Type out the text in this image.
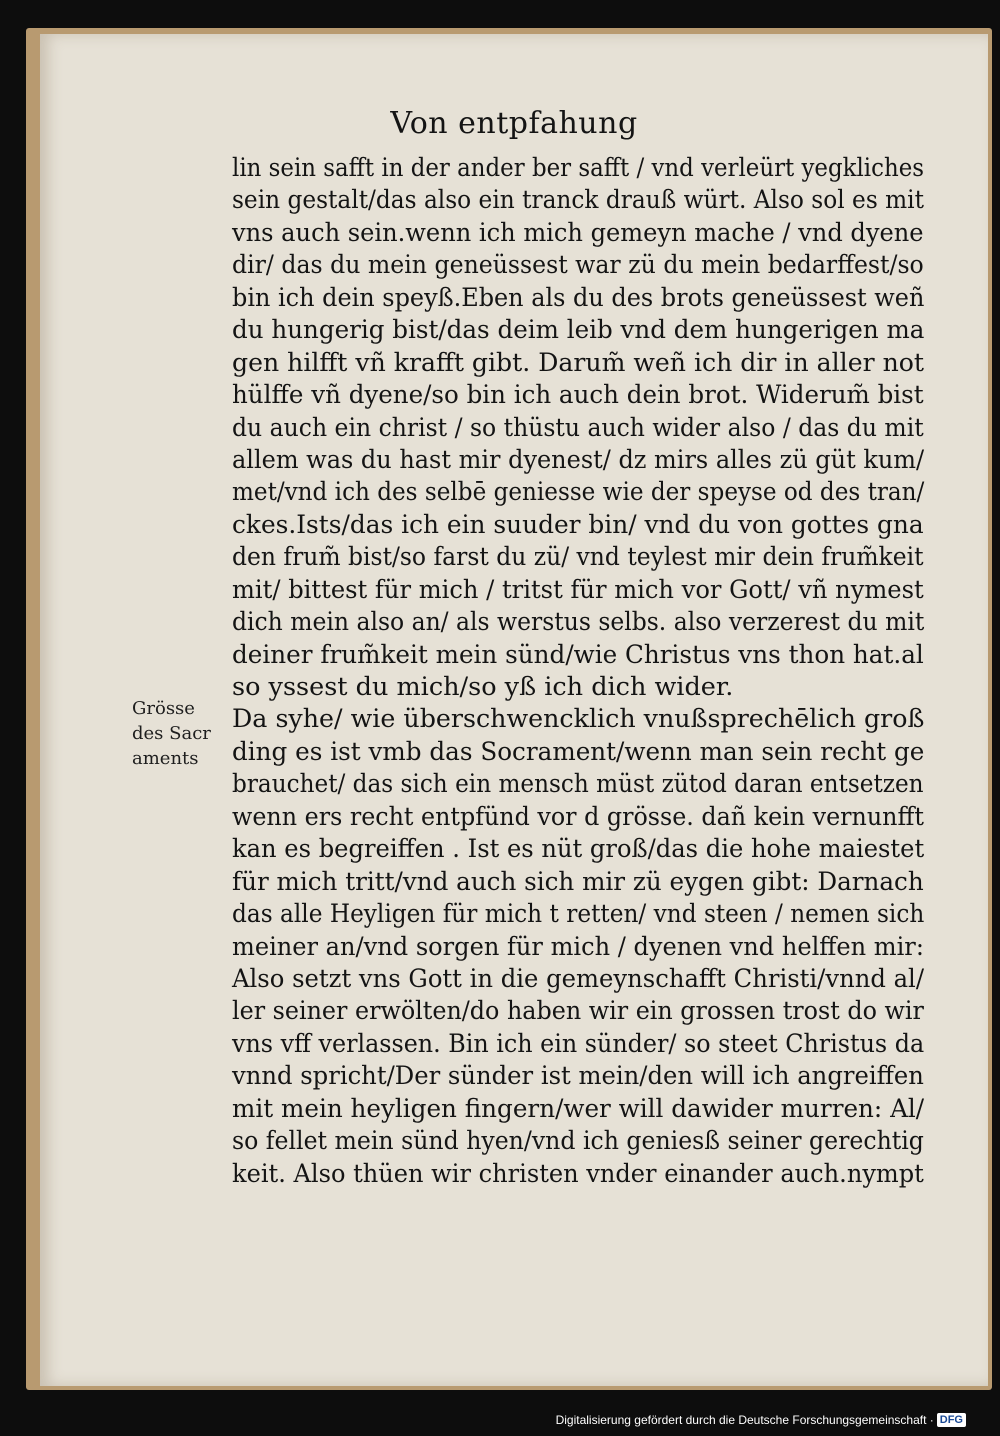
Von entpfahung
Grösse
des Sacr
aments
lin sein safft in der ander ber safft / vnd verleürt yegkliches
sein gestalt/das also ein tranck drauß würt. Also sol es mit
vns auch sein.wenn ich mich gemeyn mache / vnd dyene
dir/ das du mein geneüssest war zü du mein bedarffest/so
bin ich dein speyß.Eben als du des brots geneüssest weñ
du hungerig bist/das deim leib vnd dem hungerigen ma
gen hilfft vñ krafft gibt. Darum̃ weñ ich dir in aller not
hülffe vñ dyene/so bin ich auch dein brot. Widerum̃ bist
du auch ein christ / so thüstu auch wider also / das du mit
allem was du hast mir dyenest/ dz mirs alles zü güt kum/
met/vnd ich des selbē geniesse wie der speyse od des tran/
ckes.Ists/das ich ein suuder bin/ vnd du von gottes gna
den frum̃ bist/so farst du zü/ vnd teylest mir dein frum̃keit
mit/ bittest für mich / tritst für mich vor Gott/ vñ nymest
dich mein also an/ als werstus selbs. also verzerest du mit
deiner frum̃keit mein sünd/wie Christus vns thon hat.al
so yssest du mich/so yß ich dich wider.
Da syhe/ wie überschwencklich vnußsprechēlich groß
ding es ist vmb das Socrament/wenn man sein recht ge
brauchet/ das sich ein mensch müst zütod daran entsetzen
wenn ers recht entpfünd vor d grösse. dañ kein vernunfft
kan es begreiffen . Ist es nüt groß/das die hohe maiestet
für mich tritt/vnd auch sich mir zü eygen gibt: Darnach
das alle Heyligen für mich t retten/ vnd steen / nemen sich
meiner an/vnd sorgen für mich / dyenen vnd helffen mir:
Also setzt vns Gott in die gemeynschafft Christi/vnnd al/
ler seiner erwölten/do haben wir ein grossen trost do wir
vns vff verlassen. Bin ich ein sünder/ so steet Christus da
vnnd spricht/Der sünder ist mein/den will ich angreiffen
mit mein heyligen fingern/wer will dawider murren: Al/
so fellet mein sünd hyen/vnd ich geniesß seiner gerechtig
keit. Also thüen wir christen vnder einander auch.nympt
Digitalisierung gefördert durch die Deutsche Forschungsgemeinschaft · DFG
